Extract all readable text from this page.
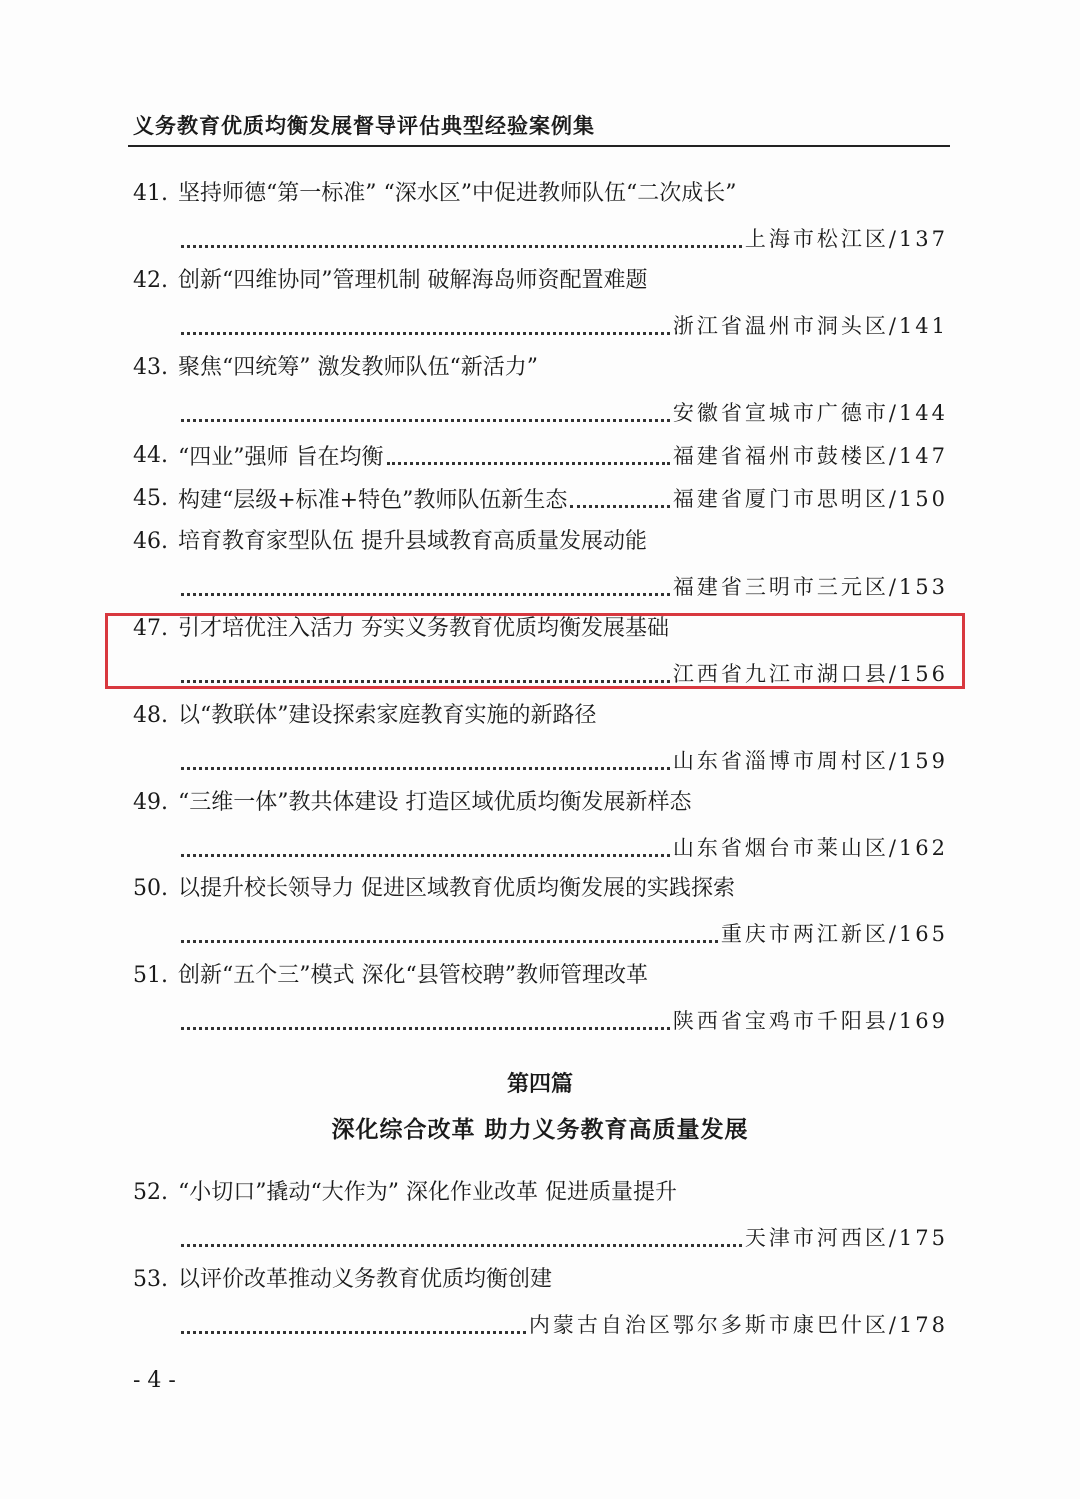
义务教育优质均衡发展督导评估典型经验案例集
41. 坚持师德“第一标准” “深水区”中促进教师队伍“二次成长”
上海市松江区/137
42. 创新“四维协同”管理机制 破解海岛师资配置难题
浙江省温州市洞头区/141
43. 聚焦“四统筹” 激发教师队伍“新活力”
安徽省宣城市广德市/144
44. “四业”强师 旨在均衡	福建省福州市鼓楼区/147
45. 构建“层级+标准+特色”教师队伍新生态	福建省厦门市思明区/150
46. 培育教育家型队伍 提升县域教育高质量发展动能
福建省三明市三元区/153
47. 引才培优注入活力 夯实义务教育优质均衡发展基础
江西省九江市湖口县/156
48. 以“教联体”建设探索家庭教育实施的新路径
山东省淄博市周村区/159
49. “三维一体”教共体建设 打造区域优质均衡发展新样态
山东省烟台市莱山区/162
50. 以提升校长领导力 促进区域教育优质均衡发展的实践探索
重庆市两江新区/165
51. 创新“五个三”模式 深化“县管校聘”教师管理改革
陕西省宝鸡市千阳县/169
第四篇
深化综合改革 助力义务教育高质量发展
52. “小切口”撬动“大作为” 深化作业改革 促进质量提升
天津市河西区/175
53. 以评价改革推动义务教育优质均衡创建
内蒙古自治区鄂尔多斯市康巴什区/178
- 4 -
